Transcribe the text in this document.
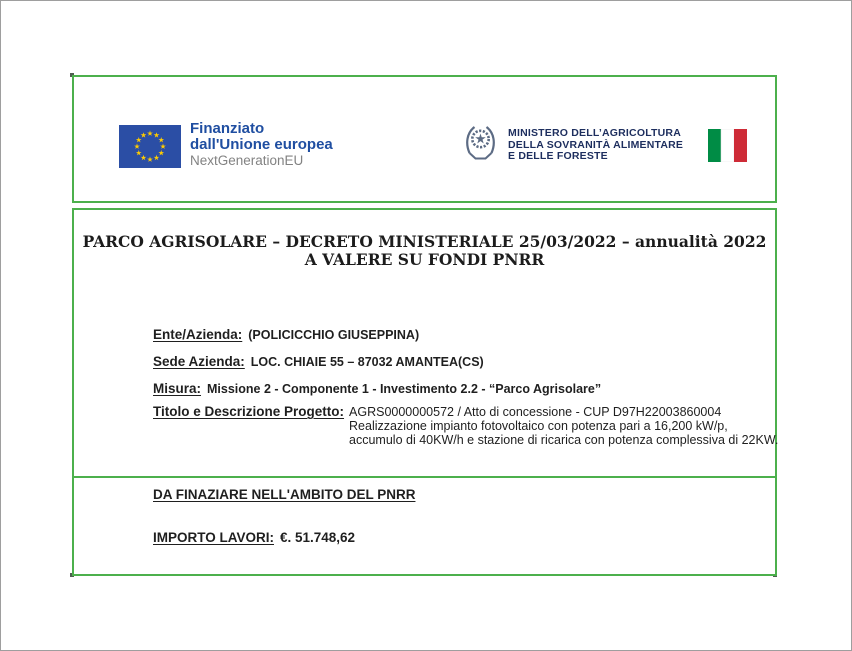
Finanziato
dall'Unione europea
NextGenerationEU
MINISTERO DELL’AGRICOLTURA
DELLA SOVRANITÀ ALIMENTARE
E DELLE FORESTE
PARCO AGRISOLARE – DECRETO MINISTERIALE 25/03/2022 – annualità 2022
A VALERE SU FONDI PNRR
Ente/Azienda: (POLICICCHIO GIUSEPPINA)
Sede Azienda: LOC. CHIAIE 55 – 87032 AMANTEA(CS)
Misura: Missione 2 - Componente 1 - Investimento 2.2 - “Parco Agrisolare”
Titolo e Descrizione Progetto: AGRS0000000572 / Atto di concessione - CUP D97H22003860004
Realizzazione impianto fotovoltaico con potenza pari a 16,200 kW/p,
accumulo di 40KW/h e stazione di ricarica con potenza complessiva di 22KW.
DA FINAZIARE NELL'AMBITO DEL PNRR
IMPORTO LAVORI: €. 51.748,62
